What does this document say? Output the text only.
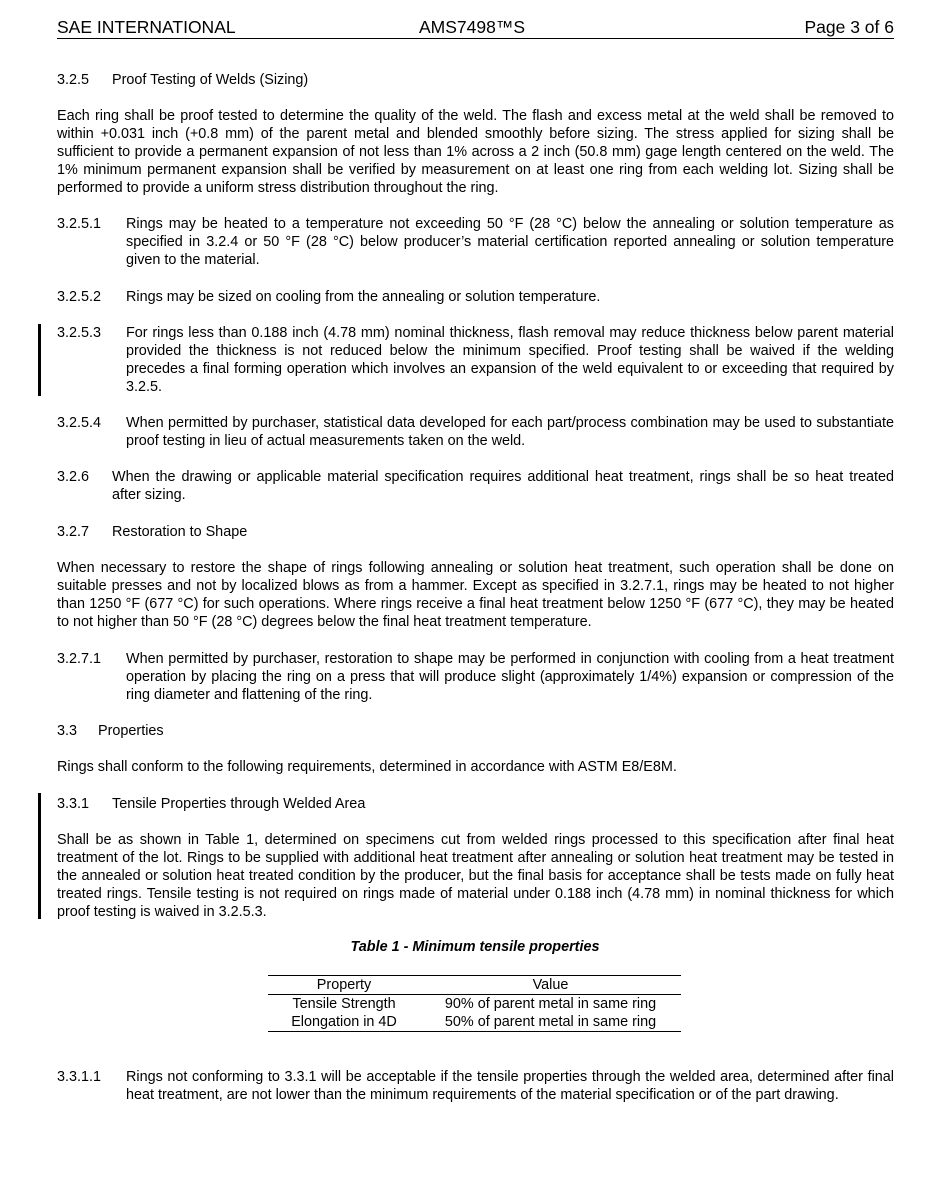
SAE INTERNATIONAL	AMS7498™S	Page 3 of 6
3.2.5 Proof Testing of Welds (Sizing)
Each ring shall be proof tested to determine the quality of the weld. The flash and excess metal at the weld shall be removed to within +0.031 inch (+0.8 mm) of the parent metal and blended smoothly before sizing. The stress applied for sizing shall be sufficient to provide a permanent expansion of not less than 1% across a 2 inch (50.8 mm) gage length centered on the weld. The 1% minimum permanent expansion shall be verified by measurement on at least one ring from each welding lot. Sizing shall be performed to provide a uniform stress distribution throughout the ring.
3.2.5.1 Rings may be heated to a temperature not exceeding 50 °F (28 °C) below the annealing or solution temperature as specified in 3.2.4 or 50 °F (28 °C) below producer’s material certification reported annealing or solution temperature given to the material.
3.2.5.2 Rings may be sized on cooling from the annealing or solution temperature.
3.2.5.3 For rings less than 0.188 inch (4.78 mm) nominal thickness, flash removal may reduce thickness below parent material provided the thickness is not reduced below the minimum specified. Proof testing shall be waived if the welding precedes a final forming operation which involves an expansion of the weld equivalent to or exceeding that required by 3.2.5.
3.2.5.4 When permitted by purchaser, statistical data developed for each part/process combination may be used to substantiate proof testing in lieu of actual measurements taken on the weld.
3.2.6 When the drawing or applicable material specification requires additional heat treatment, rings shall be so heat treated after sizing.
3.2.7 Restoration to Shape
When necessary to restore the shape of rings following annealing or solution heat treatment, such operation shall be done on suitable presses and not by localized blows as from a hammer. Except as specified in 3.2.7.1, rings may be heated to not higher than 1250 °F (677 °C) for such operations. Where rings receive a final heat treatment below 1250 °F (677 °C), they may be heated to not higher than 50 °F (28 °C) degrees below the final heat treatment temperature.
3.2.7.1 When permitted by purchaser, restoration to shape may be performed in conjunction with cooling from a heat treatment operation by placing the ring on a press that will produce slight (approximately 1/4%) expansion or compression of the ring diameter and flattening of the ring.
3.3 Properties
Rings shall conform to the following requirements, determined in accordance with ASTM E8/E8M.
3.3.1 Tensile Properties through Welded Area
Shall be as shown in Table 1, determined on specimens cut from welded rings processed to this specification after final heat treatment of the lot. Rings to be supplied with additional heat treatment after annealing or solution heat treatment may be tested in the annealed or solution heat treated condition by the producer, but the final basis for acceptance shall be tests made on fully heat treated rings. Tensile testing is not required on rings made of material under 0.188 inch (4.78 mm) in nominal thickness for which proof testing is waived in 3.2.5.3.
Table 1 - Minimum tensile properties
Property	Value
Tensile Strength	90% of parent metal in same ring
Elongation in 4D	50% of parent metal in same ring
3.3.1.1 Rings not conforming to 3.3.1 will be acceptable if the tensile properties through the welded area, determined after final heat treatment, are not lower than the minimum requirements of the material specification or of the part drawing.
